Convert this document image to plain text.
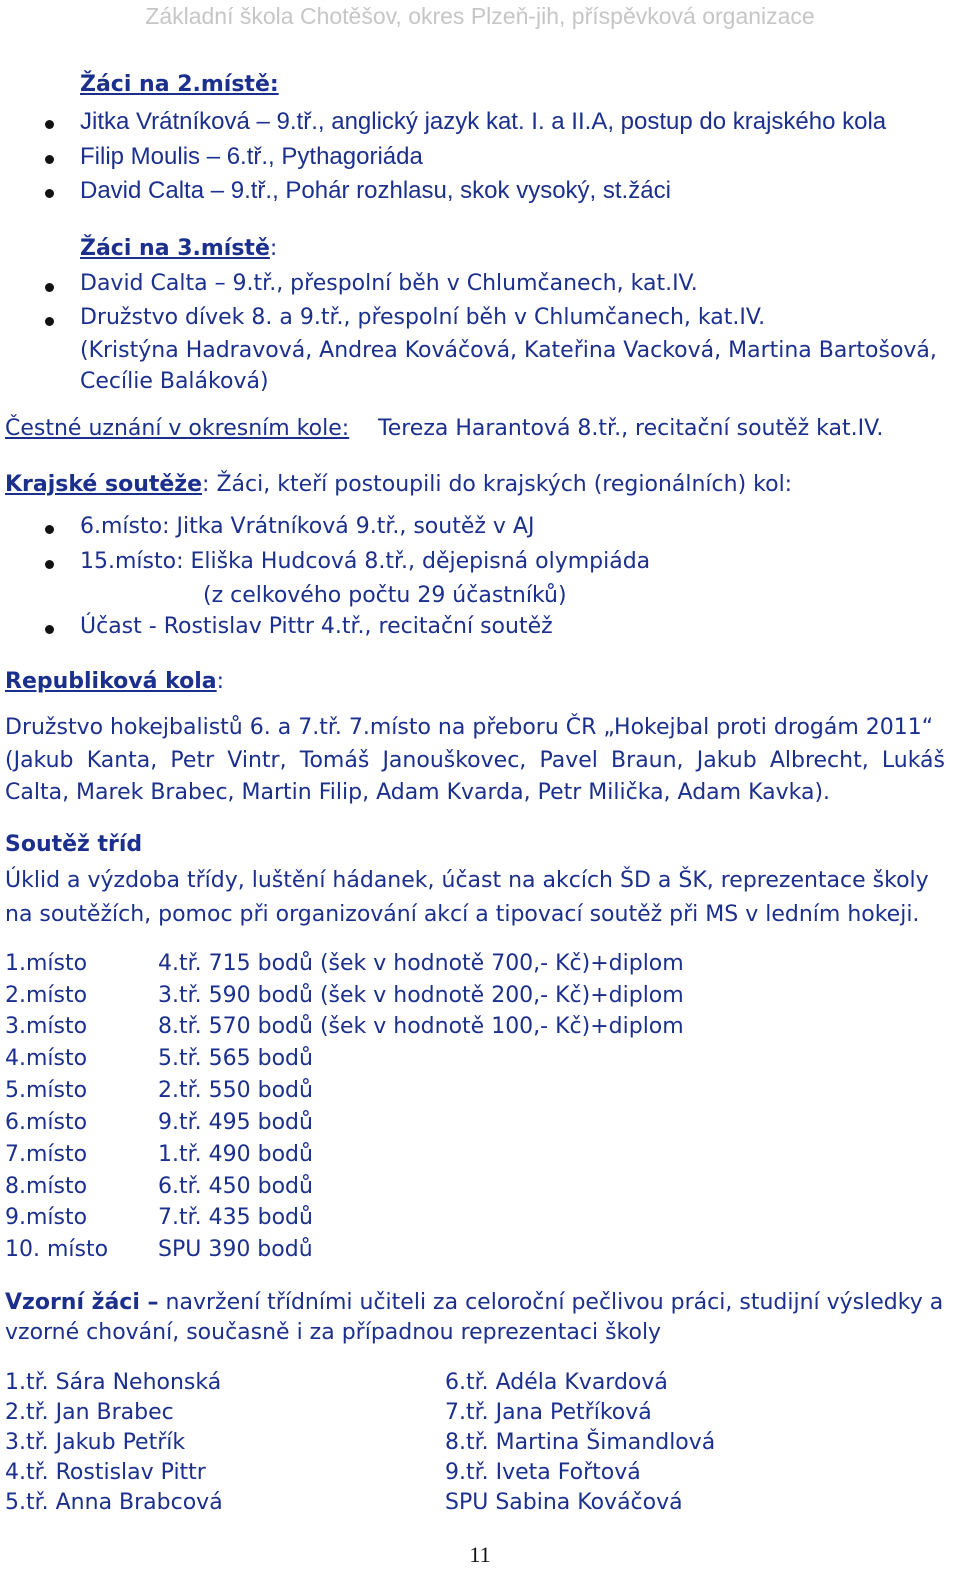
Základní škola Chotěšov, okres Plzeň-jih, příspěvková organizace
Žáci na 2.místě:
Jitka Vrátníková – 9.tř., anglický jazyk kat. I. a II.A, postup do krajského kola
Filip Moulis – 6.tř., Pythagoriáda
David Calta – 9.tř., Pohár rozhlasu, skok vysoký, st.žáci
Žáci na 3.místě:
David Calta – 9.tř., přespolní běh v Chlumčanech, kat.IV.
Družstvo dívek 8. a 9.tř., přespolní běh v Chlumčanech, kat.IV.
(Kristýna Hadravová, Andrea Kováčová, Kateřina Vacková, Martina Bartošová,
Cecílie Baláková)
Čestné uznání v okresním kole: Tereza Harantová 8.tř., recitační soutěž kat.IV.
Krajské soutěže: Žáci, kteří postoupili do krajských (regionálních) kol:
6.místo: Jitka Vrátníková 9.tř., soutěž v AJ
15.místo: Eliška Hudcová 8.tř., dějepisná olympiáda
(z celkového počtu 29 účastníků)
Účast - Rostislav Pittr 4.tř., recitační soutěž
Republiková kola:
Družstvo hokejbalistů 6. a 7.tř. 7.místo na přeboru ČR „Hokejbal proti drogám 2011“
(Jakub Kanta, Petr Vintr, Tomáš Janouškovec, Pavel Braun, Jakub Albrecht, Lukáš
Calta, Marek Brabec, Martin Filip, Adam Kvarda, Petr Milička, Adam Kavka).
Soutěž tříd
Úklid a výzdoba třídy, luštění hádanek, účast na akcích ŠD a ŠK, reprezentace školy
na soutěžích, pomoc při organizování akcí a tipovací soutěž při MS v ledním hokeji.
1.místo	4.tř. 715 bodů (šek v hodnotě 700,- Kč)+diplom
2.místo	3.tř. 590 bodů (šek v hodnotě 200,- Kč)+diplom
3.místo	8.tř. 570 bodů (šek v hodnotě 100,- Kč)+diplom
4.místo	5.tř. 565 bodů
5.místo	2.tř. 550 bodů
6.místo	9.tř. 495 bodů
7.místo	1.tř. 490 bodů
8.místo	6.tř. 450 bodů
9.místo	7.tř. 435 bodů
10. místo SPU 390 bodů
Vzorní žáci – navržení třídními učiteli za celoroční pečlivou práci, studijní výsledky a
vzorné chování, současně i za případnou reprezentaci školy
1.tř. Sára Nehonská
2.tř. Jan Brabec
3.tř. Jakub Petřík
4.tř. Rostislav Pittr
5.tř. Anna Brabcová
6.tř. Adéla Kvardová
7.tř. Jana Petříková
8.tř. Martina Šimandlová
9.tř. Iveta Fořtová
SPU Sabina Kováčová
11
